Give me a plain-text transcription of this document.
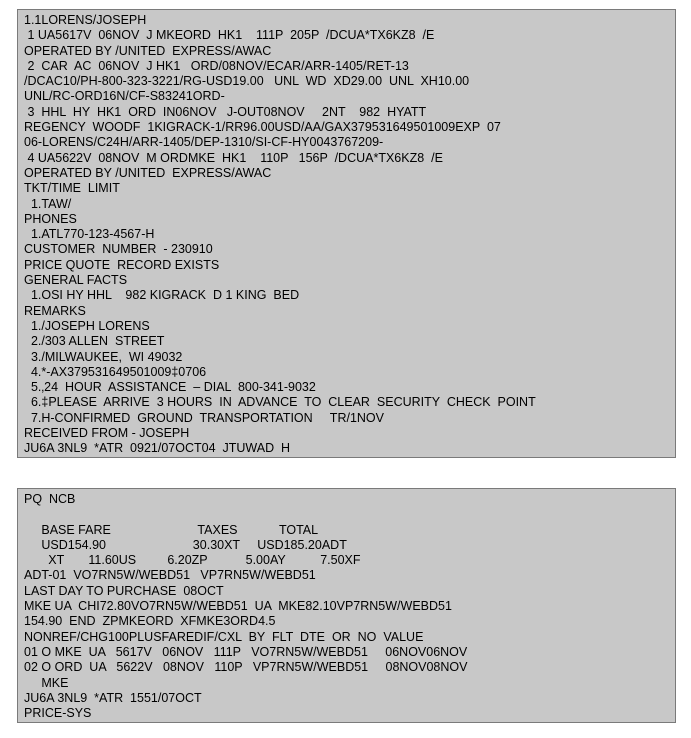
1.1LORENS/JOSEPH
1 UA5617V  06NOV  J MKEORD  HK1    111P  205P  /DCUA*TX6KZ8  /E
OPERATED BY /UNITED  EXPRESS/AWAC
2  CAR  AC  06NOV  J HK1   ORD/08NOV/ECAR/ARR-1405/RET-13
/DCAC10/PH-800-323-3221/RG-USD19.00   UNL  WD  XD29.00  UNL  XH10.00
UNL/RC-ORD16N/CF-S83241ORD-
3  HHL  HY  HK1  ORD  IN06NOV   J-OUT08NOV     2NT    982  HYATT
REGENCY  WOODF  1KIGRACK-1/RR96.00USD/AA/GAX379531649501009EXP  07
06-LORENS/C24H/ARR-1405/DEP-1310/SI-CF-HY0043767209-
4 UA5622V  08NOV  M ORDMKE  HK1    110P   156P  /DCUA*TX6KZ8  /E
OPERATED BY /UNITED  EXPRESS/AWAC
TKT/TIME  LIMIT
1.TAW/
PHONES
1.ATL770-123-4567-H
CUSTOMER  NUMBER  - 230910
PRICE QUOTE  RECORD EXISTS
GENERAL FACTS
1.OSI HY HHL    982 KIGRACK  D 1 KING  BED
REMARKS
1./JOSEPH LORENS
2./303 ALLEN  STREET
3./MILWAUKEE,  WI 49032
4.*-AX379531649501009‡0706
5.‚24  HOUR  ASSISTANCE  – DIAL  800-341-9032
6.‡PLEASE  ARRIVE  3 HOURS  IN  ADVANCE  TO  CLEAR  SECURITY  CHECK  POINT
7.H-CONFIRMED  GROUND  TRANSPORTATION     TR/1NOV
RECEIVED FROM - JOSEPH
JU6A 3NL9  *ATR  0921/07OCT04  JTUWAD  H
PQ  NCB
BASE FARE                         TAXES            TOTAL
USD154.90                         30.30XT     USD185.20ADT
XT       11.60US         6.20ZP           5.00AY          7.50XF
ADT-01  VO7RN5W/WEBD51   VP7RN5W/WEBD51
LAST DAY TO PURCHASE  08OCT
MKE UA  CHI72.80VO7RN5W/WEBD51  UA  MKE82.10VP7RN5W/WEBD51
154.90  END  ZPMKEORD  XFMKE3ORD4.5
NONREF/CHG100PLUSFAREDIF/CXL  BY  FLT  DTE  OR  NO  VALUE
01 O MKE  UA   5617V   06NOV   111P   VO7RN5W/WEBD51     06NOV06NOV
02 O ORD  UA   5622V   08NOV   110P   VP7RN5W/WEBD51     08NOV08NOV
MKE
JU6A 3NL9  *ATR  1551/07OCT
PRICE-SYS
